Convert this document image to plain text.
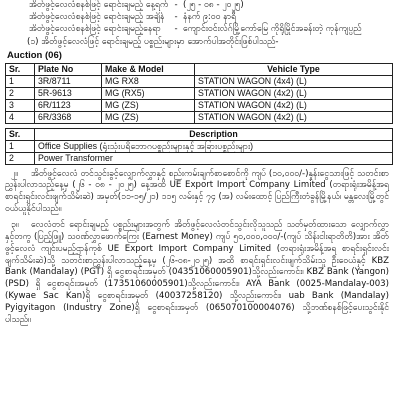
အိတ်ဖွင့်လေလံစနစ်ဖြင့် ရောင်းချမည့် နေ့ရက် - (၂၅ - ၀၈ - ၂၀၂၅)
အိတ်ဖွင့်လေလံစနစ်ဖြင့် ရောင်းချမည့် အချိန်	- နံနက် ၉:၀၀ နာရီ
အိတ်ဖွင့်လေလံစနစ်ဖြင့် ရောင်းချမည့်နေရာ	- ကျောင်းဝင်းလ်ဂ်မြို့ကော်မြေ ကိုရိုမြိုင်အခန်းတဲ့ ကုန်ကျပ္ပည်
(၁) အိတ်ဖွင့်လေလံဖြင့် ရောင်းချမည့် ပစ္စည်းများမှာ အောက်ပါအတိုင်းဖြစ်ပါသည်-
Auction (06)
Sr.	Plate No	Make & Model	Vehicle Type
1	3R/8711	MG RX8	STATION WAGON (4x4) (L)
2	5R-9613	MG (RX5)	STATION WAGON (4x2) (L)
3	6R/1123	MG (ZS)	STATION WAGON (4x2) (L)
4	6R/3368	MG (ZS)	STATION WAGON (4x2) (L)
Sr.	Description
1	Office Supplies (ရုံးသုံးပရိဘောဂပစ္စည်းများနှင့် အခြားပစ္စည်းများ)
2	Power Transformer
၂။ အိတ်ဖွင့်လေလံ တင်သွင်းခွင့်လျှောက်လွှာနှင့် စည်းကမ်းချက်စာစောင်ကို ကျပ် (၁၀,၀၀၀/-)နှုန်းငွေသားဖြင့် သတင်းစာညွှန်းပါလာသည့်နေ့မှ (၂၆ - ၀၈ - ၂၀၂၅) နေ့အထိ UE Export Import Company Limited (တရားရုံးအမိန့်အရ စာရင်းရှင်းလင်းဖျက်သိမ်းဆဲ) အမှတ်(၁၁-၁၅/၂၁) ၁၁၅ လမ်းနှင့် ၇၄ (အ) လမ်းထောင့် ပြည်ကြီးတံခွန်မြို့နယ်၊ မန္တလေးမြို့တွင် ဝယ်ယူနိုင်ပါသည်။
၃။ လေလံတင် ရောင်းချမည့် ပစ္စည်းများအတွက် အိတ်ဖွင့်လေလံတင်သွင်းလိုသူသည် သတ်မှတ်ထားသော လျှောက်လွှာနှင့်တကွ (ပြည့်ဖြူ) သဝဏ်လွှာဖောက်ကြေး (Earnest Money) ကျပ် ၅၀,၀၀၀,၀၀၀/-(ကျပ် သိန်းငါးရာတိတိ)အား အိတ်ဖွင့်လေလံ ကျင်းပမည့်ဌာန်ကုစ် UE Export Import Company Limited (တရားရုံးအမိန့်အရ စာရင်းရှင်းလင်းဖျက်သိမ်းဆဲ)သို့ သတင်းစာညွှန်းပါလာသည့်နေ့မှ (၂၆-၀၈-၂၀၂၅) အထိ စာရင်းရှင်းလင်းဖျက်သိမ်းသူ ဦးဝေယံနှင့် KBZ Bank (Mandalay) (PGT) ရှိ ငွေစာရင်းအမှတ် (04351060005901)သို့လည်းကောင်း၊ KBZ Bank (Yangon) (PSD) ရှိ ငွေစာရင်းအမှတ် (17351060005901)သို့လည်းကောင်း၊ AYA Bank (0025-Mandalay-003) (Kywae Sac Kan)ရှိ ငွေစာရင်းအမှတ် (40037258120) သို့လည်းကောင်း၊ uab Bank (Mandalay) Pyigyitagon (Industry Zone)ရှိ ငွေစာရင်းအမှတ် (065070100004076) သို့ဘဏ်စနစ်ဖြင့်ပေးသွင်းနိုင်ပါသည်။
